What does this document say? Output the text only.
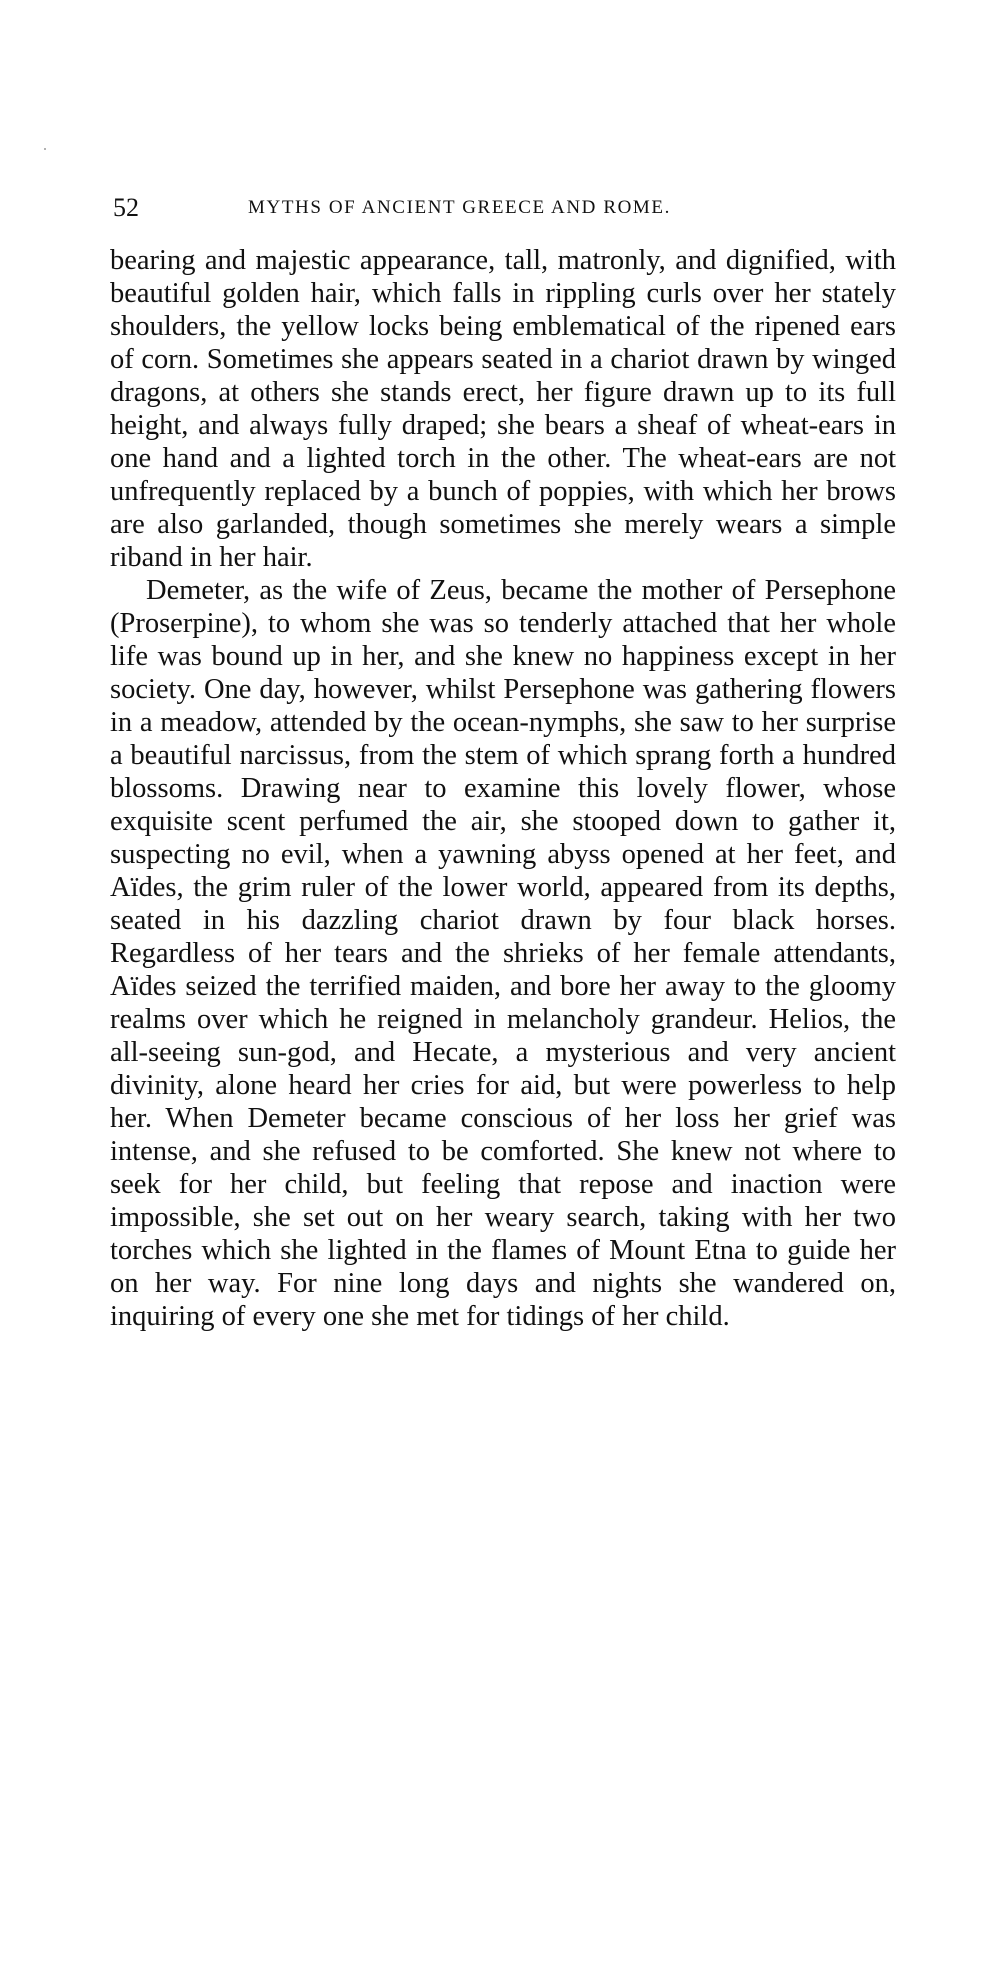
52	MYTHS OF ANCIENT GREECE AND ROME.

bearing and majestic appearance, tall, matronly, and dignified, with beautiful golden hair, which falls in rippling curls over her stately shoulders, the yellow locks being emblematical of the ripened ears of corn. Sometimes she appears seated in a chariot drawn by winged dragons, at others she stands erect, her figure drawn up to its full height, and always fully draped; she bears a sheaf of wheat-ears in one hand and a lighted torch in the other. The wheat-ears are not unfrequently replaced by a bunch of poppies, with which her brows are also garlanded, though sometimes she merely wears a simple riband in her hair.

Demeter, as the wife of Zeus, became the mother of Persephone (Proserpine), to whom she was so tenderly attached that her whole life was bound up in her, and she knew no happiness except in her society. One day, however, whilst Persephone was gathering flowers in a meadow, attended by the ocean-nymphs, she saw to her surprise a beautiful narcissus, from the stem of which sprang forth a hundred blossoms. Drawing near to examine this lovely flower, whose exquisite scent perfumed the air, she stooped down to gather it, suspecting no evil, when a yawning abyss opened at her feet, and Aïdes, the grim ruler of the lower world, appeared from its depths, seated in his dazzling chariot drawn by four black horses. Regardless of her tears and the shrieks of her female attendants, Aïdes seized the terrified maiden, and bore her away to the gloomy realms over which he reigned in melancholy grandeur. Helios, the all-seeing sun-god, and Hecate, a mysterious and very ancient divinity, alone heard her cries for aid, but were powerless to help her. When Demeter became conscious of her loss her grief was intense, and she refused to be comforted. She knew not where to seek for her child, but feeling that repose and inaction were impossible, she set out on her weary search, taking with her two torches which she lighted in the flames of Mount Etna to guide her on her way. For nine long days and nights she wandered on, inquiring of every one she met for tidings of her child.
